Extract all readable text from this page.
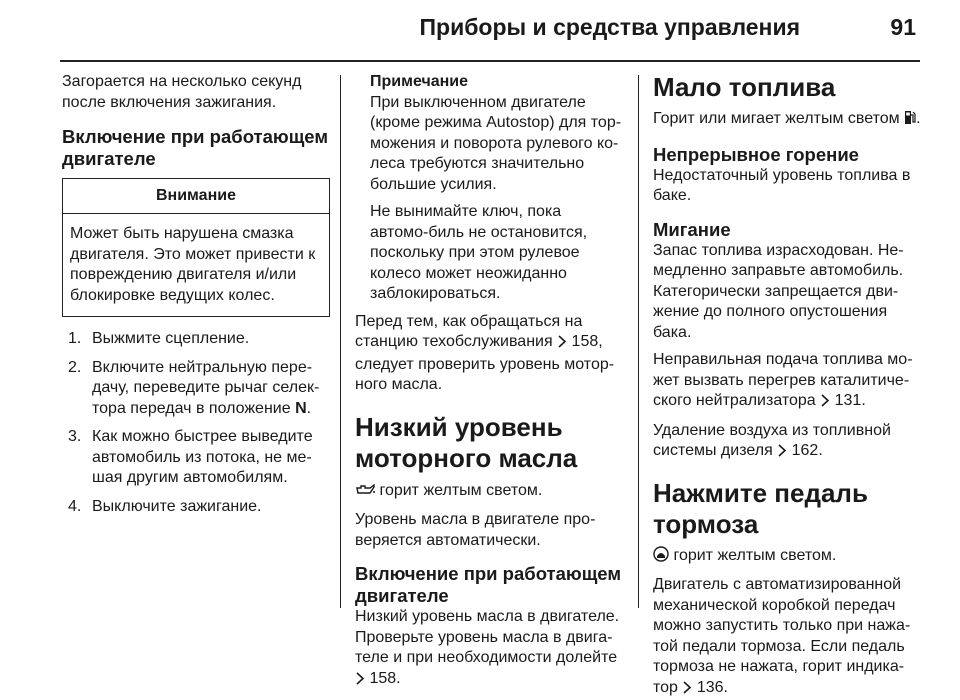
Приборы и средства управления	91

Загорается на несколько секунд после включения зажигания.

Включение при работающем двигателе
Внимание
Может быть нарушена смазка двигателя. Это может привести к повреждению двигателя и/или блокировке ведущих колес.
1. Выжмите сцепление.
2. Включите нейтральную пере-дачу, переведите рычаг селек-тора передач в положение N.
3. Как можно быстрее выведите автомобиль из потока, не ме-шая другим автомобилям.
4. Выключите зажигание.

Примечание

При выключенном двигателе (кроме режима Autostop) для тор-можения и поворота рулевого ко-леса требуются значительно большие усилия.

Не вынимайте ключ, пока автомо-биль не остановится, поскольку при этом рулевое колесо может неожиданно заблокироваться.

Перед тем, как обращаться на станцию техобслуживания  158, следует проверить уровень мотор-ного масла.

Низкий уровень моторного масла

горит желтым светом.

Уровень масла в двигателе про-веряется автоматически.

Включение при работающем двигателе

Низкий уровень масла в двигателе. Проверьте уровень масла в двига-теле и при необходимости долейте  158.

Мало топлива

Горит или мигает желтым светом .

Непрерывное горение

Недостаточный уровень топлива в баке.

Мигание

Запас топлива израсходован. Не-медленно заправьте автомобиль. Категорически запрещается дви-жение до полного опустошения бака.

Неправильная подача топлива мо-жет вызвать перегрев каталитиче-ского нейтрализатора  131.

Удаление воздуха из топливной системы дизеля  162.

Нажмите педаль тормоза

горит желтым светом.

Двигатель с автоматизированной механической коробкой передач можно запустить только при нажа-той педали тормоза. Если педаль тормоза не нажата, горит индика-тор  136.
